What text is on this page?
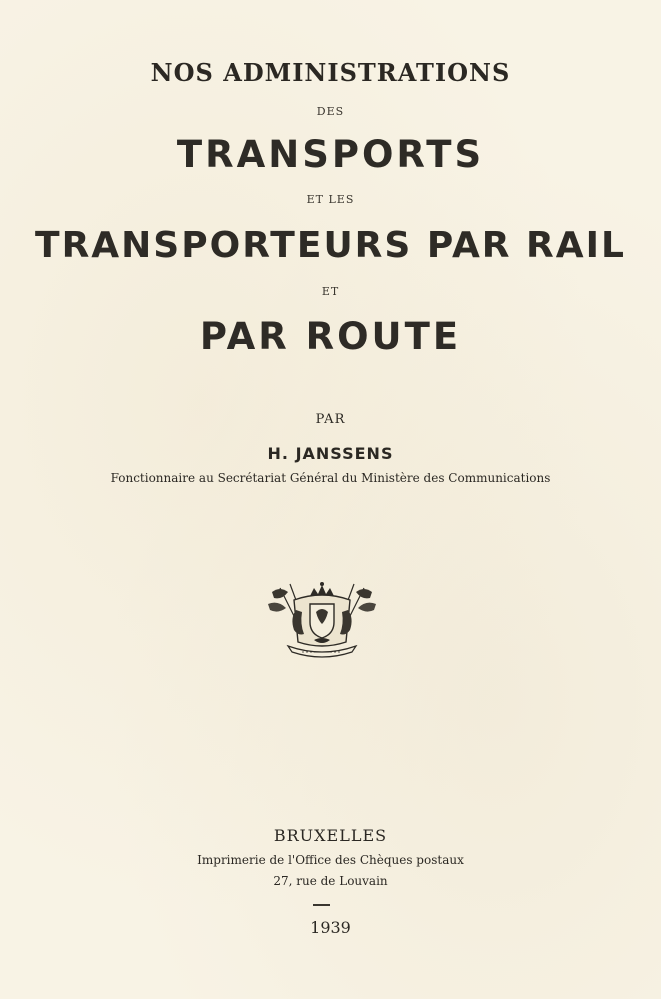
NOS ADMINISTRATIONS
DES
TRANSPORTS
ET LES
TRANSPORTEURS PAR RAIL
ET
PAR ROUTE
PAR
H. JANSSENS
Fonctionnaire au Secrétariat Général du Ministère des Communications
BRUXELLES
Imprimerie de l'Office des Chèques postaux
27, rue de Louvain
1939
